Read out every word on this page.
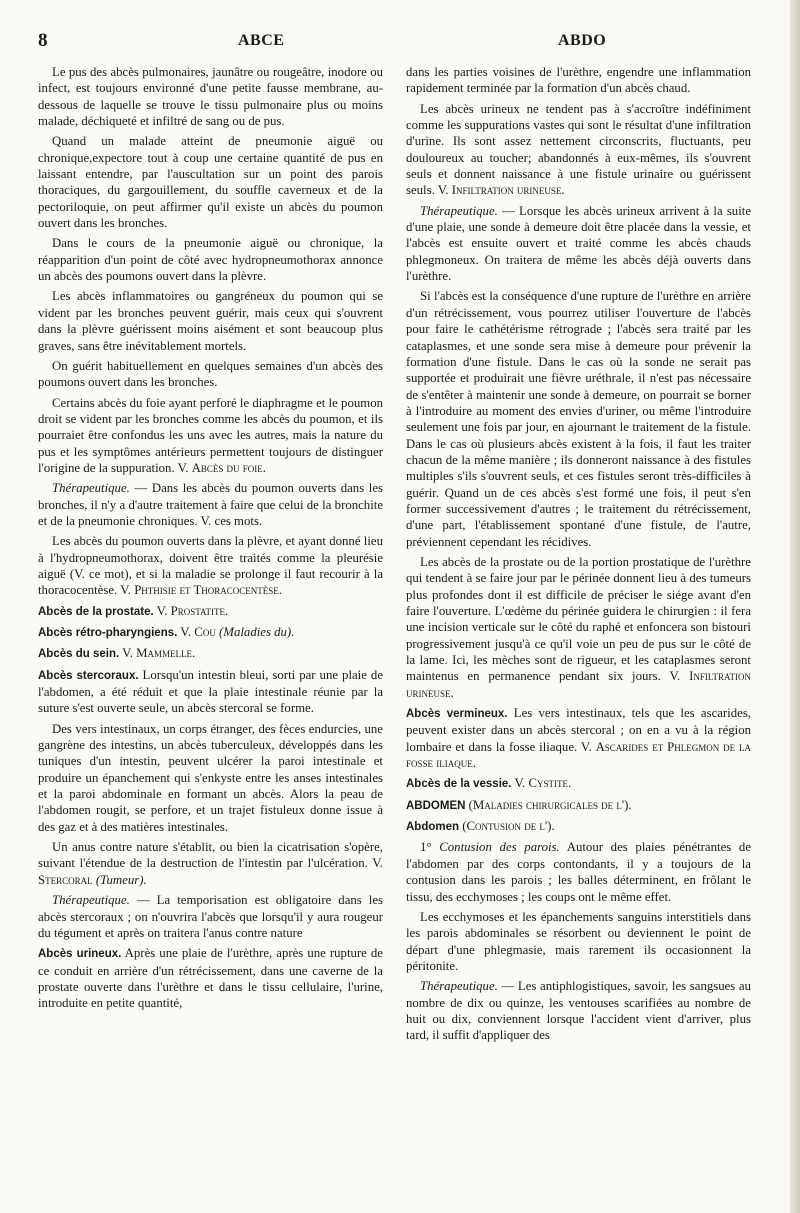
8	ABCE	ABDO

Le pus des abcès pulmonaires, jaunâtre ou rougeâtre, inodore ou infect, est toujours environné d'une petite fausse membrane, au-dessous de laquelle se trouve le tissu pulmonaire plus ou moins malade, déchiqueté et infiltré de sang ou de pus.

Quand un malade atteint de pneumonie aiguë ou chronique,expectore tout à coup une certaine quantité de pus en laissant entendre, par l'auscultation sur un point des parois thoraciques, du gargouillement, du souffle caverneux et de la pectoriloquie, on peut affirmer qu'il existe un abcès du poumon ouvert dans les bronches.

Dans le cours de la pneumonie aiguë ou chronique, la réapparition d'un point de côté avec hydropneumothorax annonce un abcès des poumons ouvert dans la plèvre.

Les abcès inflammatoires ou gangréneux du poumon qui se vident par les bronches peuvent guérir, mais ceux qui s'ouvrent dans la plèvre guérissent moins aisément et sont beaucoup plus graves, sans être inévitablement mortels.

On guérit habituellement en quelques semaines d'un abcès des poumons ouvert dans les bronches.

Certains abcès du foie ayant perforé le diaphragme et le poumon droit se vident par les bronches comme les abcès du poumon, et ils pourraiet être confondus les uns avec les autres, mais la nature du pus et les symptômes antérieurs permettent toujours de distinguer l'origine de la suppuration. V. Abcès du foie.

Thérapeutique. — Dans les abcès du poumon ouverts dans les bronches, il n'y a d'autre traitement à faire que celui de la bronchite et de la pneumonie chroniques. V. ces mots.

Les abcès du poumon ouverts dans la plèvre, et ayant donné lieu à l'hydropneumothorax, doivent être traités comme la pleurésie aiguë (V. ce mot), et si la maladie se prolonge il faut recourir à la thoracocentèse. V. Phthisie et Thoracocentèse.

Abcès de la prostate. V. Prostatite.

Abcès rétro-pharyngiens. V. Cou (Maladies du).

Abcès du sein. V. Mammelle.

Abcès stercoraux. Lorsqu'un intestin bleui, sorti par une plaie de l'abdomen, a été réduit et que la plaie intestinale réunie par la suture s'est ouverte seule, un abcès stercoral se forme.

Des vers intestinaux, un corps étranger, des fèces endurcies, une gangrène des intestins, un abcès tuberculeux, développés dans les tuniques d'un intestin, peuvent ulcérer la paroi intestinale et produire un épanchement qui s'enkyste entre les anses intestinales et la paroi abdominale en formant un abcès. Alors la peau de l'abdomen rougit, se perfore, et un trajet fistuleux donne issue à des gaz et à des matières intestinales.

Un anus contre nature s'établit, ou bien la cicatrisation s'opère, suivant l'étendue de la destruction de l'intestin par l'ulcération. V. Stercoral (Tumeur).

Thérapeutique. — La temporisation est obligatoire dans les abcès stercoraux ; on n'ouvrira l'abcès que lorsqu'il y aura rougeur du tégument et après on traitera l'anus contre nature

Abcès urineux. Après une plaie de l'urèthre, après une rupture de ce conduit en arrière d'un rétrécissement, dans une caverne de la prostate ouverte dans l'urèthre et dans le tissu cellulaire, l'urine, introduite en petite quantité,

dans les parties voisines de l'urèthre, engendre une inflammation rapidement terminée par la formation d'un abcès chaud.

Les abcès urineux ne tendent pas à s'accroître indéfiniment comme les suppurations vastes qui sont le résultat d'une infiltration d'urine. Ils sont assez nettement circonscrits, fluctuants, peu douloureux au toucher; abandonnés à eux-mêmes, ils s'ouvrent seuls et donnent naissance à une fistule urinaire ou guérissent seuls. V. Infiltration urineuse.

Thérapeutique. — Lorsque les abcès urineux arrivent à la suite d'une plaie, une sonde à demeure doit être placée dans la vessie, et l'abcès est ensuite ouvert et traité comme les abcès chauds phlegmoneux. On traitera de même les abcès déjà ouverts dans l'urèthre.

Si l'abcès est la conséquence d'une rupture de l'urèthre en arrière d'un rétrécissement, vous pourrez utiliser l'ouverture de l'abcès pour faire le cathétérisme rétrograde ; l'abcès sera traité par les cataplasmes, et une sonde sera mise à demeure pour prévenir la formation d'une fistule. Dans le cas où la sonde ne serait pas supportée et produirait une fièvre uréthrale, il n'est pas nécessaire de s'entêter à maintenir une sonde à demeure, on pourrait se borner à l'introduire au moment des envies d'uriner, ou même l'introduire seulement une fois par jour, en ajournant le traitement de la fistule. Dans le cas où plusieurs abcès existent à la fois, il faut les traiter chacun de la même manière ; ils donneront naissance à des fistules multiples s'ils s'ouvrent seuls, et ces fistules seront très-difficiles à guérir. Quand un de ces abcès s'est formé une fois, il peut s'en former successivement d'autres ; le traitement du rétrécissement, d'une part, l'établissement spontané d'une fistule, de l'autre, préviennent cependant les récidives.

Les abcès de la prostate ou de la portion prostatique de l'urèthre qui tendent à se faire jour par le périnée donnent lieu à des tumeurs plus profondes dont il est difficile de préciser le siége avant d'en faire l'ouverture. L'œdème du périnée guidera le chirurgien : il fera une incision verticale sur le côté du raphé et enfoncera son bistouri progressivement jusqu'à ce qu'il voie un peu de pus sur le côté de la lame. Ici, les mèches sont de rigueur, et les cataplasmes seront maintenus en permanence pendant six jours. V. Infiltration urineuse.

Abcès vermineux. Les vers intestinaux, tels que les ascarides, peuvent exister dans un abcès stercoral ; on en a vu à la région lombaire et dans la fosse iliaque. V. Ascarides et Phlegmon de la fosse iliaque.

Abcès de la vessie. V. Cystite.

ABDOMEN (Maladies chirurgicales de l').

Abdomen (Contusion de l').

1° Contusion des parois. Autour des plaies pénétrantes de l'abdomen par des corps contondants, il y a toujours de la contusion dans les parois ; les balles déterminent, en frôlant le tissu, des ecchymoses ; les coups ont le même effet.

Les ecchymoses et les épanchements sanguins interstitiels dans les parois abdominales se résorbent ou deviennent le point de départ d'une phlegmasie, mais rarement ils occasionnent la péritonite.

Thérapeutique. — Les antiphlogistiques, savoir, les sangsues au nombre de dix ou quinze, les ventouses scarifiées au nombre de huit ou dix, conviennent lorsque l'accident vient d'arriver, plus tard, il suffit d'appliquer des
